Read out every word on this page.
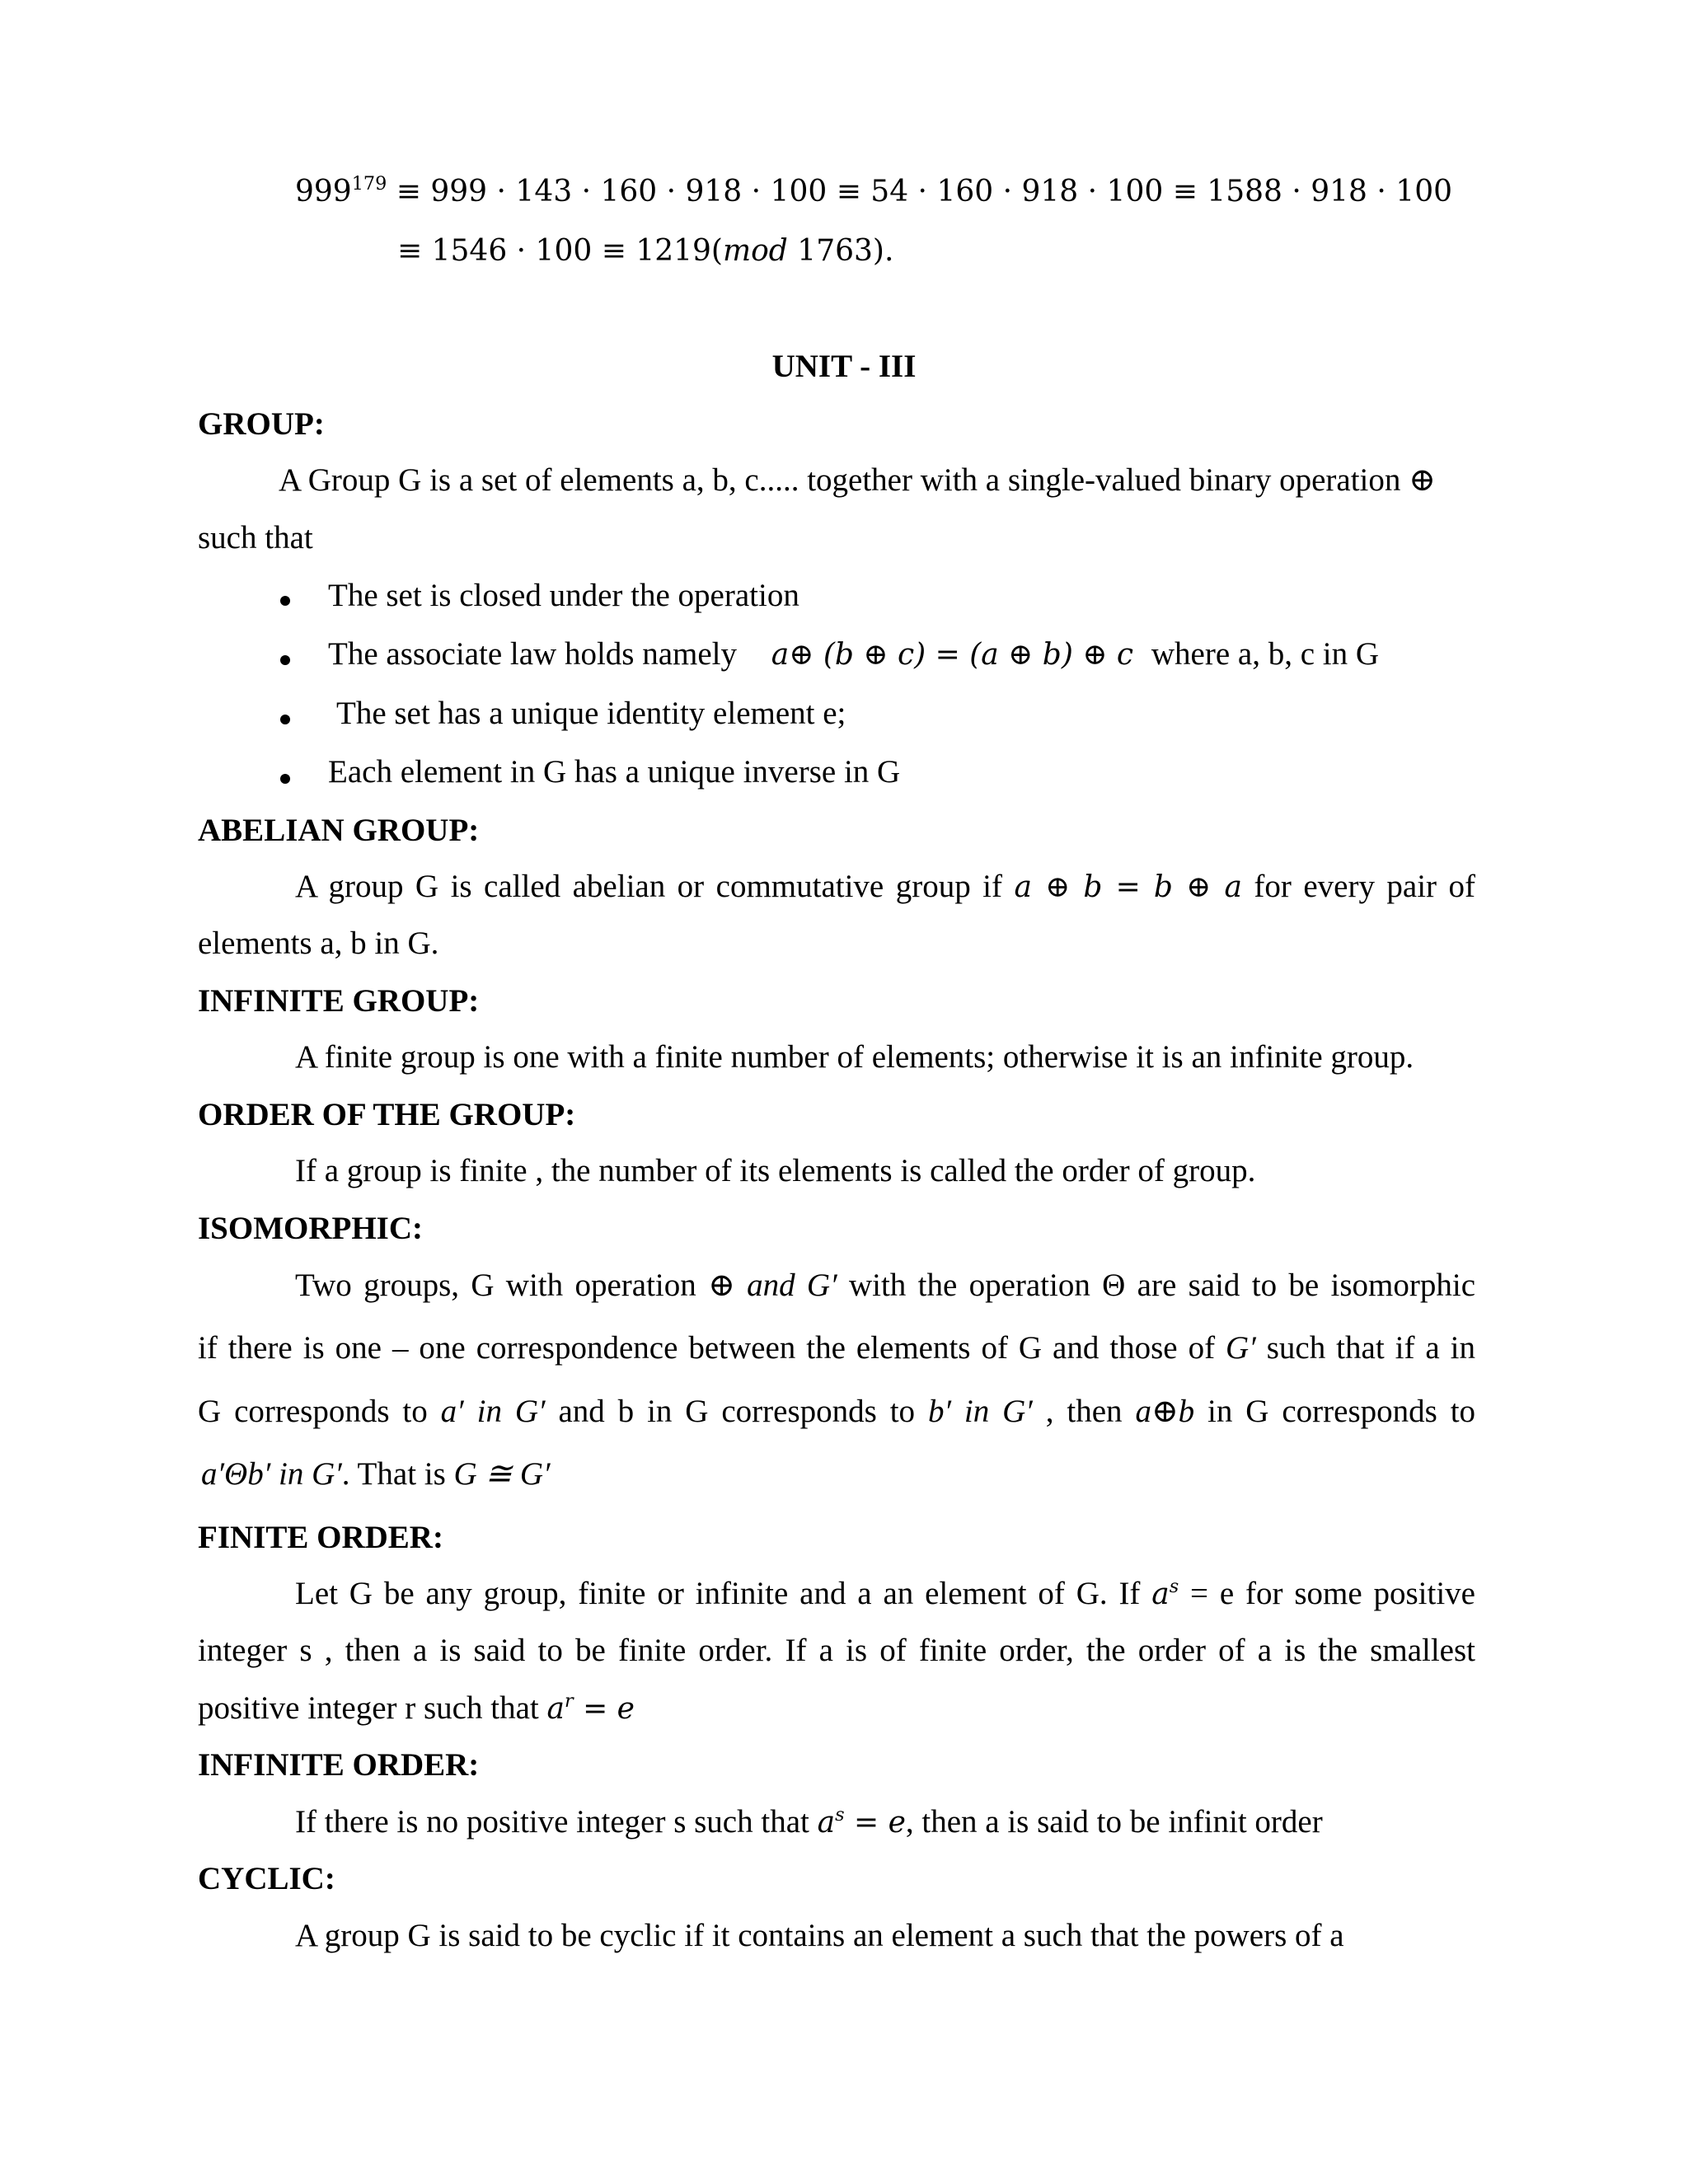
$999^{179} \equiv 999 \cdot 143 \cdot 160 \cdot 918 \cdot 100 \equiv 54 \cdot 160 \cdot 918 \cdot 100 \equiv 1588 \cdot 918 \cdot 100$
≡ 1546 · 100 ≡ 1219(mod 1763).
UNIT - III
GROUP:
A Group G is a set of elements a, b, c..... together with a single-valued binary operation ⊕
such that
The set is closed under the operation
The associate law holds namely a⊕ (b ⊕ c) = (a ⊕ b) ⊕ c where a, b, c in G
The set has a unique identity element e;
Each element in G has a unique inverse in G
ABELIAN GROUP:
A group G is called abelian or commutative group if a ⊕ b = b ⊕ a for every pair of
elements a, b in G.
INFINITE GROUP:
A finite group is one with a finite number of elements; otherwise it is an infinite group.
ORDER OF THE GROUP:
If a group is finite , the number of its elements is called the order of group.
ISOMORPHIC:
Two groups, G with operation ⊕ and G′ with the operation Θ are said to be isomorphic
if there is one – one correspondence between the elements of G and those of G′ such that if a in
G corresponds to a′ in G′ and b in G corresponds to b′ in G′ , then a⊕b in G corresponds to
a′Θb′ in G′. That is G ≅ G′
FINITE ORDER:
Let G be any group, finite or infinite and a an element of G. If $a^s = e$ for some positive
integer s , then a is said to be finite order. If a is of finite order, the order of a is the smallest
positive integer r such that $a^r = e$
INFINITE ORDER:
If there is no positive integer s such that $a^s = e$, then a is said to be infinit order
CYCLIC:
A group G is said to be cyclic if it contains an element a such that the powers of a
